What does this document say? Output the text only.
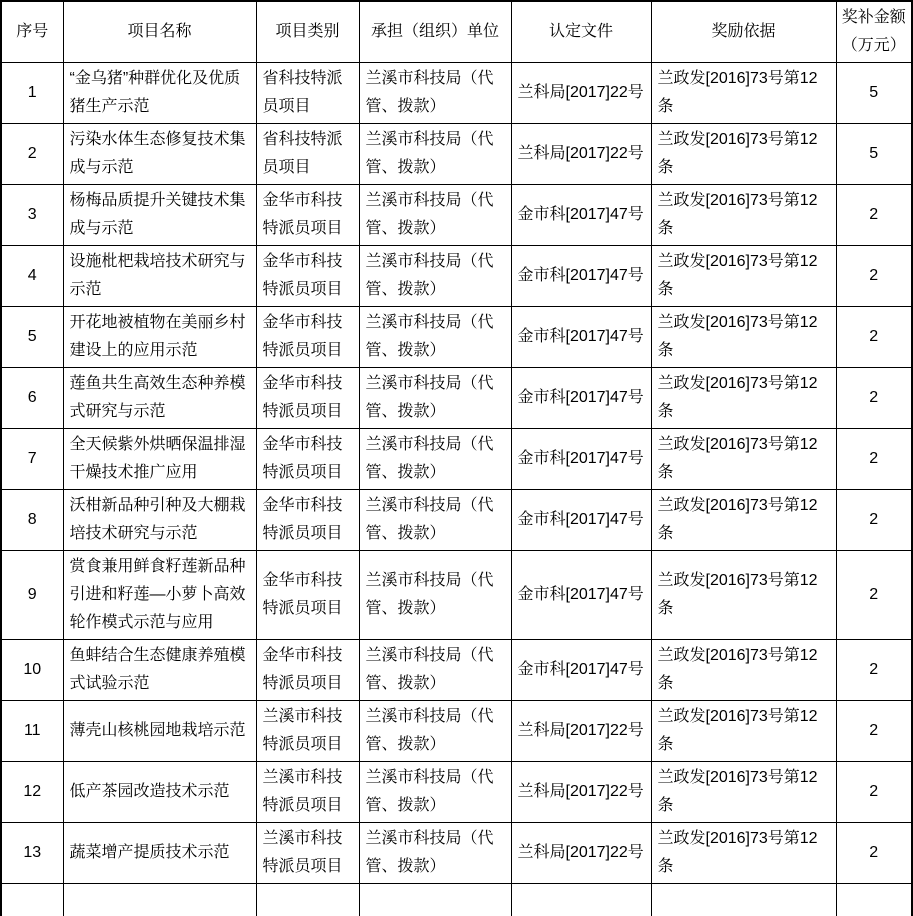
序号	项目名称	项目类别	承担（组织）单位	认定文件	奖励依据	奖补金额（万元）
1	“金乌猪”种群优化及优质猪生产示范	省科技特派员项目	兰溪市科技局（代管、拨款）	兰科局[2017]22号	兰政发[2016]73号第12条	5
2	污染水体生态修复技术集成与示范	省科技特派员项目	兰溪市科技局（代管、拨款）	兰科局[2017]22号	兰政发[2016]73号第12条	5
3	杨梅品质提升关键技术集成与示范	金华市科技特派员项目	兰溪市科技局（代管、拨款）	金市科[2017]47号	兰政发[2016]73号第12条	2
4	设施枇杷栽培技术研究与示范	金华市科技特派员项目	兰溪市科技局（代管、拨款）	金市科[2017]47号	兰政发[2016]73号第12条	2
5	开花地被植物在美丽乡村建设上的应用示范	金华市科技特派员项目	兰溪市科技局（代管、拨款）	金市科[2017]47号	兰政发[2016]73号第12条	2
6	莲鱼共生高效生态种养模式研究与示范	金华市科技特派员项目	兰溪市科技局（代管、拨款）	金市科[2017]47号	兰政发[2016]73号第12条	2
7	全天候紫外烘晒保温排湿干燥技术推广应用	金华市科技特派员项目	兰溪市科技局（代管、拨款）	金市科[2017]47号	兰政发[2016]73号第12条	2
8	沃柑新品种引种及大棚栽培技术研究与示范	金华市科技特派员项目	兰溪市科技局（代管、拨款）	金市科[2017]47号	兰政发[2016]73号第12条	2
9	赏食兼用鲜食籽莲新品种引进和籽莲—小萝卜高效轮作模式示范与应用	金华市科技特派员项目	兰溪市科技局（代管、拨款）	金市科[2017]47号	兰政发[2016]73号第12条	2
10	鱼蚌结合生态健康养殖模式试验示范	金华市科技特派员项目	兰溪市科技局（代管、拨款）	金市科[2017]47号	兰政发[2016]73号第12条	2
11	薄壳山核桃园地栽培示范	兰溪市科技特派员项目	兰溪市科技局（代管、拨款）	兰科局[2017]22号	兰政发[2016]73号第12条	2
12	低产茶园改造技术示范	兰溪市科技特派员项目	兰溪市科技局（代管、拨款）	兰科局[2017]22号	兰政发[2016]73号第12条	2
13	蔬菜增产提质技术示范	兰溪市科技特派员项目	兰溪市科技局（代管、拨款）	兰科局[2017]22号	兰政发[2016]73号第12条	2
